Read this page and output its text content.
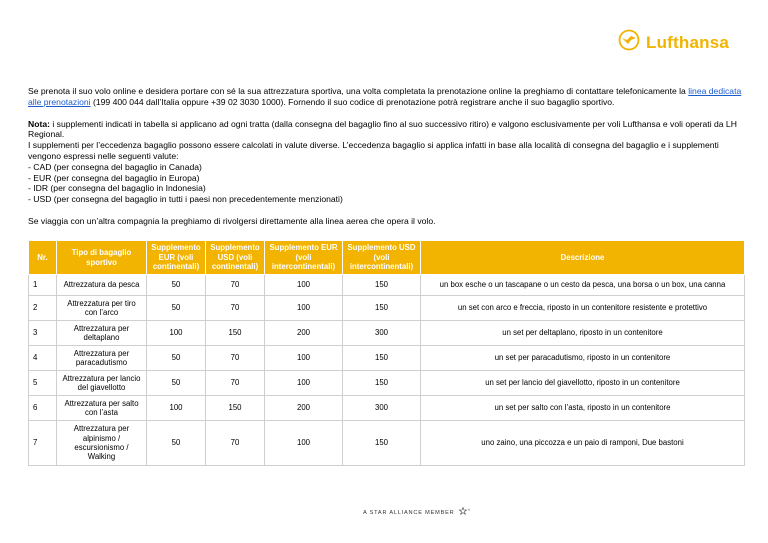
Lufthansa

Se prenota il suo volo online e desidera portare con sé la sua attrezzatura sportiva, una volta completata la prenotazione online la preghiamo di contattare telefonicamente la linea dedicata alle prenotazioni (199 400 044 dall’Italia oppure +39 02 3030 1000). Fornendo il suo codice di prenotazione potrà registrare anche il suo bagaglio sportivo.

Nota: i supplementi indicati in tabella si applicano ad ogni tratta (dalla consegna del bagaglio fino al suo successivo ritiro) e valgono esclusivamente per voli Lufthansa e voli operati da LH Regional.
I supplementi per l’eccedenza bagaglio possono essere calcolati in valute diverse. L’eccedenza bagaglio si applica infatti in base alla località di consegna del bagaglio e i supplementi vengono espressi nelle seguenti valute:
- CAD (per consegna del bagaglio in Canada)
- EUR (per consegna del bagaglio in Europa)
- IDR (per consegna del bagaglio in Indonesia)
- USD (per consegna del bagaglio in tutti i paesi non precedentemente menzionati)

Se viaggia con un’altra compagnia la preghiamo di rivolgersi direttamente alla linea aerea che opera il volo.

Nr.	Tipo di bagaglio sportivo	Supplemento EUR (voli continentali)	Supplemento USD (voli continentali)	Supplemento EUR (voli intercontinentali)	Supplemento USD (voli intercontinentali)	Descrizione
1	Attrezzatura da pesca	50	70	100	150	un box esche o un tascapane o un cesto da pesca, una borsa o un box, una canna
2	Attrezzatura per tiro con l’arco	50	70	100	150	un set con arco e freccia, riposto in un contenitore resistente e protettivo
3	Attrezzatura per deltaplano	100	150	200	300	un set per deltaplano, riposto in un contenitore
4	Attrezzatura per paracadutismo	50	70	100	150	un set per paracadutismo, riposto in un contenitore
5	Attrezzatura per lancio del giavellotto	50	70	100	150	un set per lancio del giavellotto, riposto in un contenitore
6	Attrezzatura per salto con l’asta	100	150	200	300	un set per salto con l’asta, riposto in un contenitore
7	Attrezzatura per alpinismo / escursionismo / Walking	50	70	100	150	uno zaino, una piccozza e un paio di ramponi, Due bastoni
A STAR ALLIANCE MEMBER	®
